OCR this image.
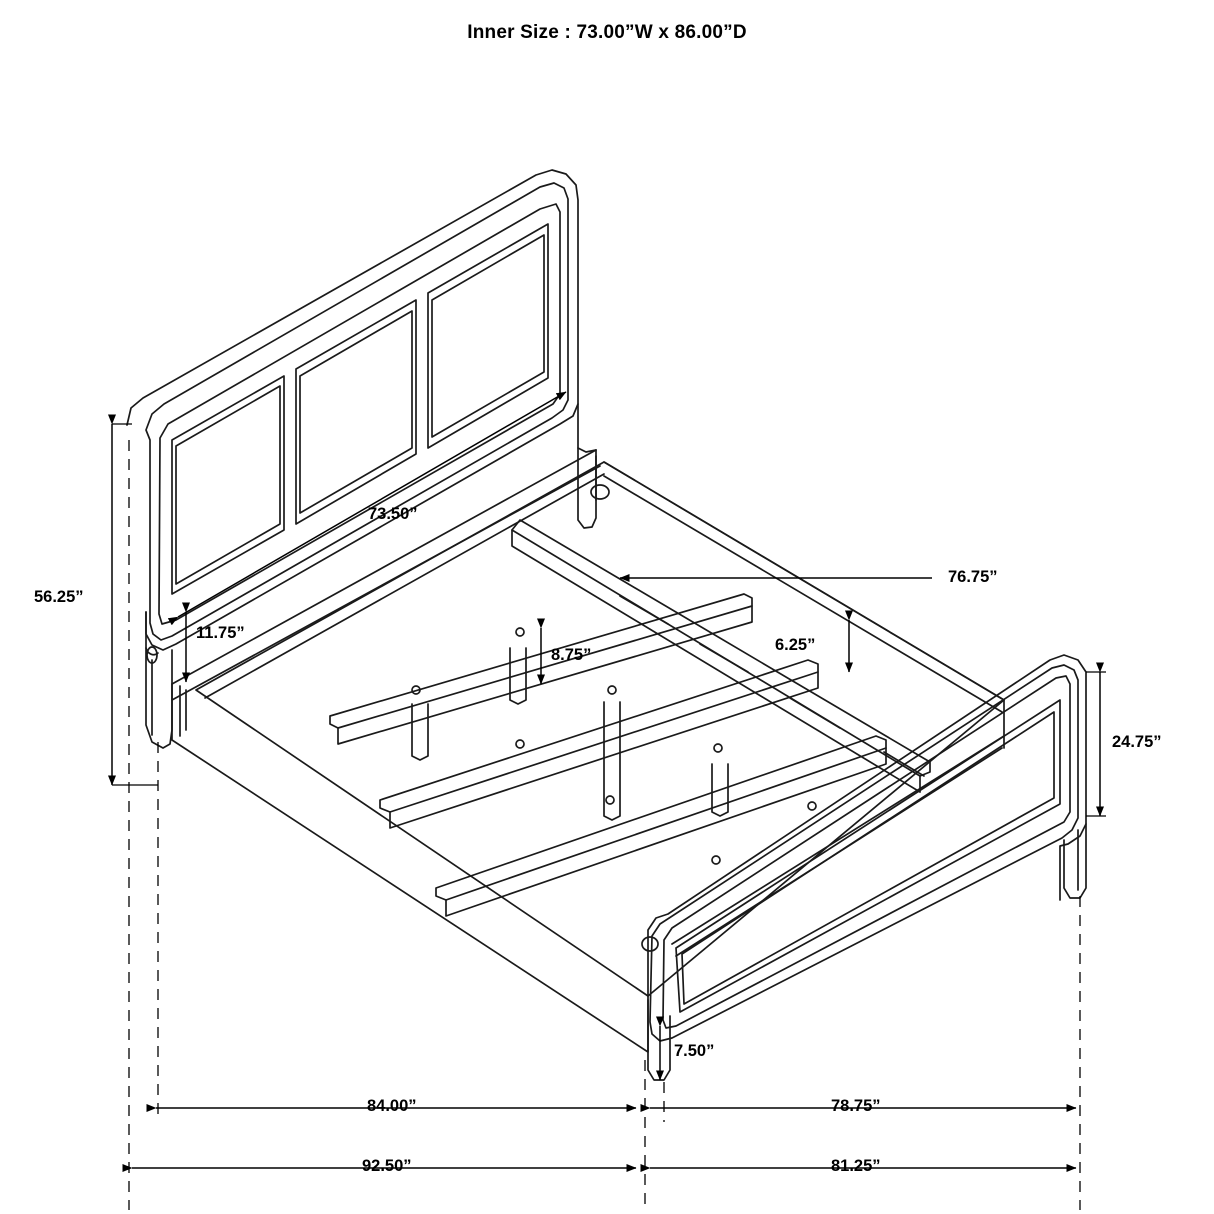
Inner Size : 73.00”W x 86.00”D
56.25”
73.50”
11.75”
8.75”
6.25”
76.75”
24.75”
7.50”
84.00”	78.75”
92.50”	81.25”
